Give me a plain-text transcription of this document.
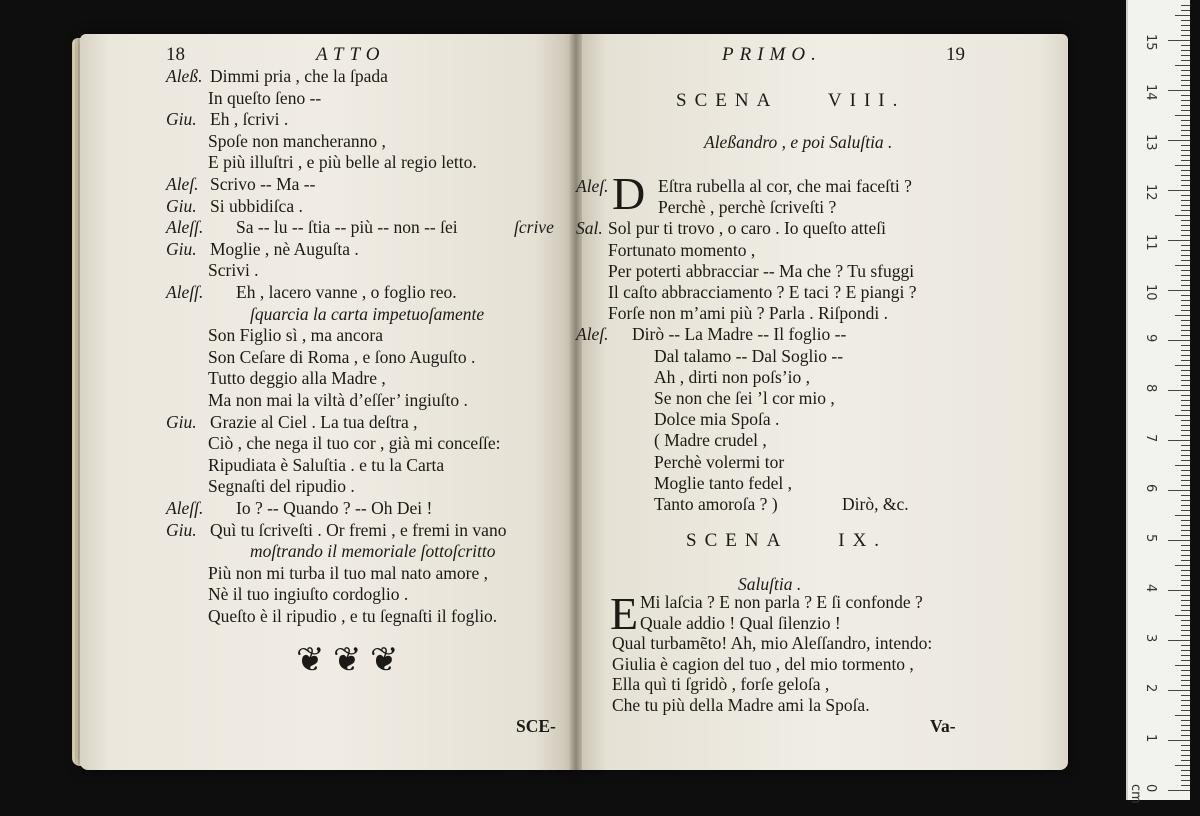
18	ATTO
Aleß. Dimmi pria , che la ſpada
In queſto ſeno --
Giu. Eh , ſcrivi .
Spoſe non mancheranno ,
E più illuſtri , e più belle al regio letto.
Aleſ. Scrivo -- Ma --
Giu. Si ubbidiſca .
Aleſſ. Sa -- lu -- ſtia -- più -- non -- ſei	ſcrive
Giu. Moglie , nè Auguſta .
Scrivi .
Aleſſ. Eh , lacero vanne , o foglio reo.
ſquarcia la carta impetuoſamente
Son Figlio sì , ma ancora
Son Ceſare di Roma , e ſono Auguſto .
Tutto deggio alla Madre ,
Ma non mai la viltà d’eſſer’ ingiuſto .
Giu. Grazie al Ciel . La tua deſtra ,
Ciò , che nega il tuo cor , già mi conceſſe:
Ripudiata è Saluſtia . e tu la Carta
Segnaſti del ripudio .
Aleſſ. Io ? -- Quando ? -- Oh Dei !
Giu. Quì tu ſcriveſti . Or fremi , e fremi in vano
moſtrando il memoriale ſottoſcritto
Più non mi turba il tuo mal nato amore ,
Nè il tuo ingiuſto cordoglio .
Queſto è il ripudio , e tu ſegnaſti il foglio.
❦ ❦ ❦
SCE-
PRIMO.	19
SCENA    VIII.
Aleßandro , e poi Saluſtia .
Aleſ. D Eſtra rubella al cor, che mai faceſti ?
Perchè , perchè ſcriveſti ?
Sal. Sol pur ti trovo , o caro . Io queſto atteſi
Fortunato momento ,
Per poterti abbracciar -- Ma che ? Tu sfuggi
Il caſto abbracciamento ? E taci ? E piangi ?
Forſe non m’ami più ? Parla . Riſpondi .
Aleſ. Dirò -- La Madre -- Il foglio --
Dal talamo -- Dal Soglio --
Ah , dirti non poſs’io ,
Se non che ſei ’l cor mio ,
Dolce mia Spoſa .
( Madre crudel ,
Perchè volermi tor
Moglie tanto fedel ,
Tanto amoroſa ? )	Dirò, &c.
SCENA    IX.
Saluſtia .
E Mi laſcia ? E non parla ? E ſi confonde ?
Quale addio ! Qual ſilenzio !
Qual turbamẽto! Ah, mio Aleſſandro, intendo:
Giulia è cagion del tuo , del mio tormento ,
Ella quì ti ſgridò , forſe geloſa ,
Che tu più della Madre ami la Spoſa.
Va-
15
14
13
12
11
10
9
8
7
6
5
4
3
2
1
0 cm
